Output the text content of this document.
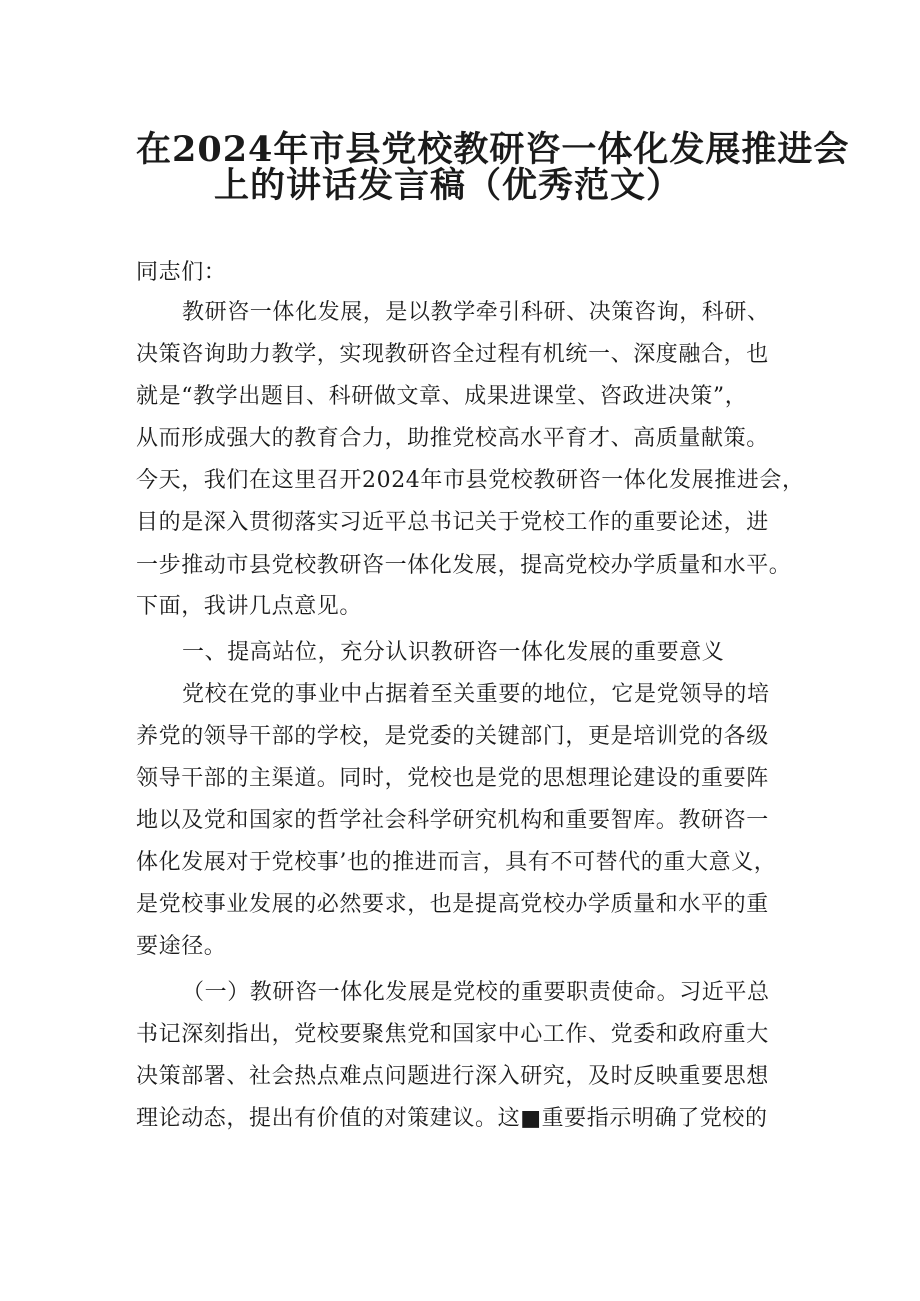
在2024年市县党校教研咨一体化发展推进会
上的讲话发言稿（优秀范文）
同志们：
教研咨一体化发展，是以教学牵引科研、决策咨询，科研、
决策咨询助力教学，实现教研咨全过程有机统一、深度融合，也
就是“教学出题目、科研做文章、成果进课堂、咨政进决策”，
从而形成强大的教育合力，助推党校高水平育才、高质量献策。
今天，我们在这里召开2024年市县党校教研咨一体化发展推进会，
目的是深入贯彻落实习近平总书记关于党校工作的重要论述，进
一步推动市县党校教研咨一体化发展，提高党校办学质量和水平。
下面，我讲几点意见。
一、提高站位，充分认识教研咨一体化发展的重要意义
党校在党的事业中占据着至关重要的地位，它是党领导的培
养党的领导干部的学校，是党委的关键部门，更是培训党的各级
领导干部的主渠道。同时，党校也是党的思想理论建设的重要阵
地以及党和国家的哲学社会科学研究机构和重要智库。教研咨一
体化发展对于党校事’也的推进而言，具有不可替代的重大意义，
是党校事业发展的必然要求，也是提高党校办学质量和水平的重
要途径。
（一）教研咨一体化发展是党校的重要职责使命。习近平总
书记深刻指出，党校要聚焦党和国家中心工作、党委和政府重大
决策部署、社会热点难点问题进行深入研究，及时反映重要思想
理论动态，提出有价值的对策建议。这■重要指示明确了党校的
